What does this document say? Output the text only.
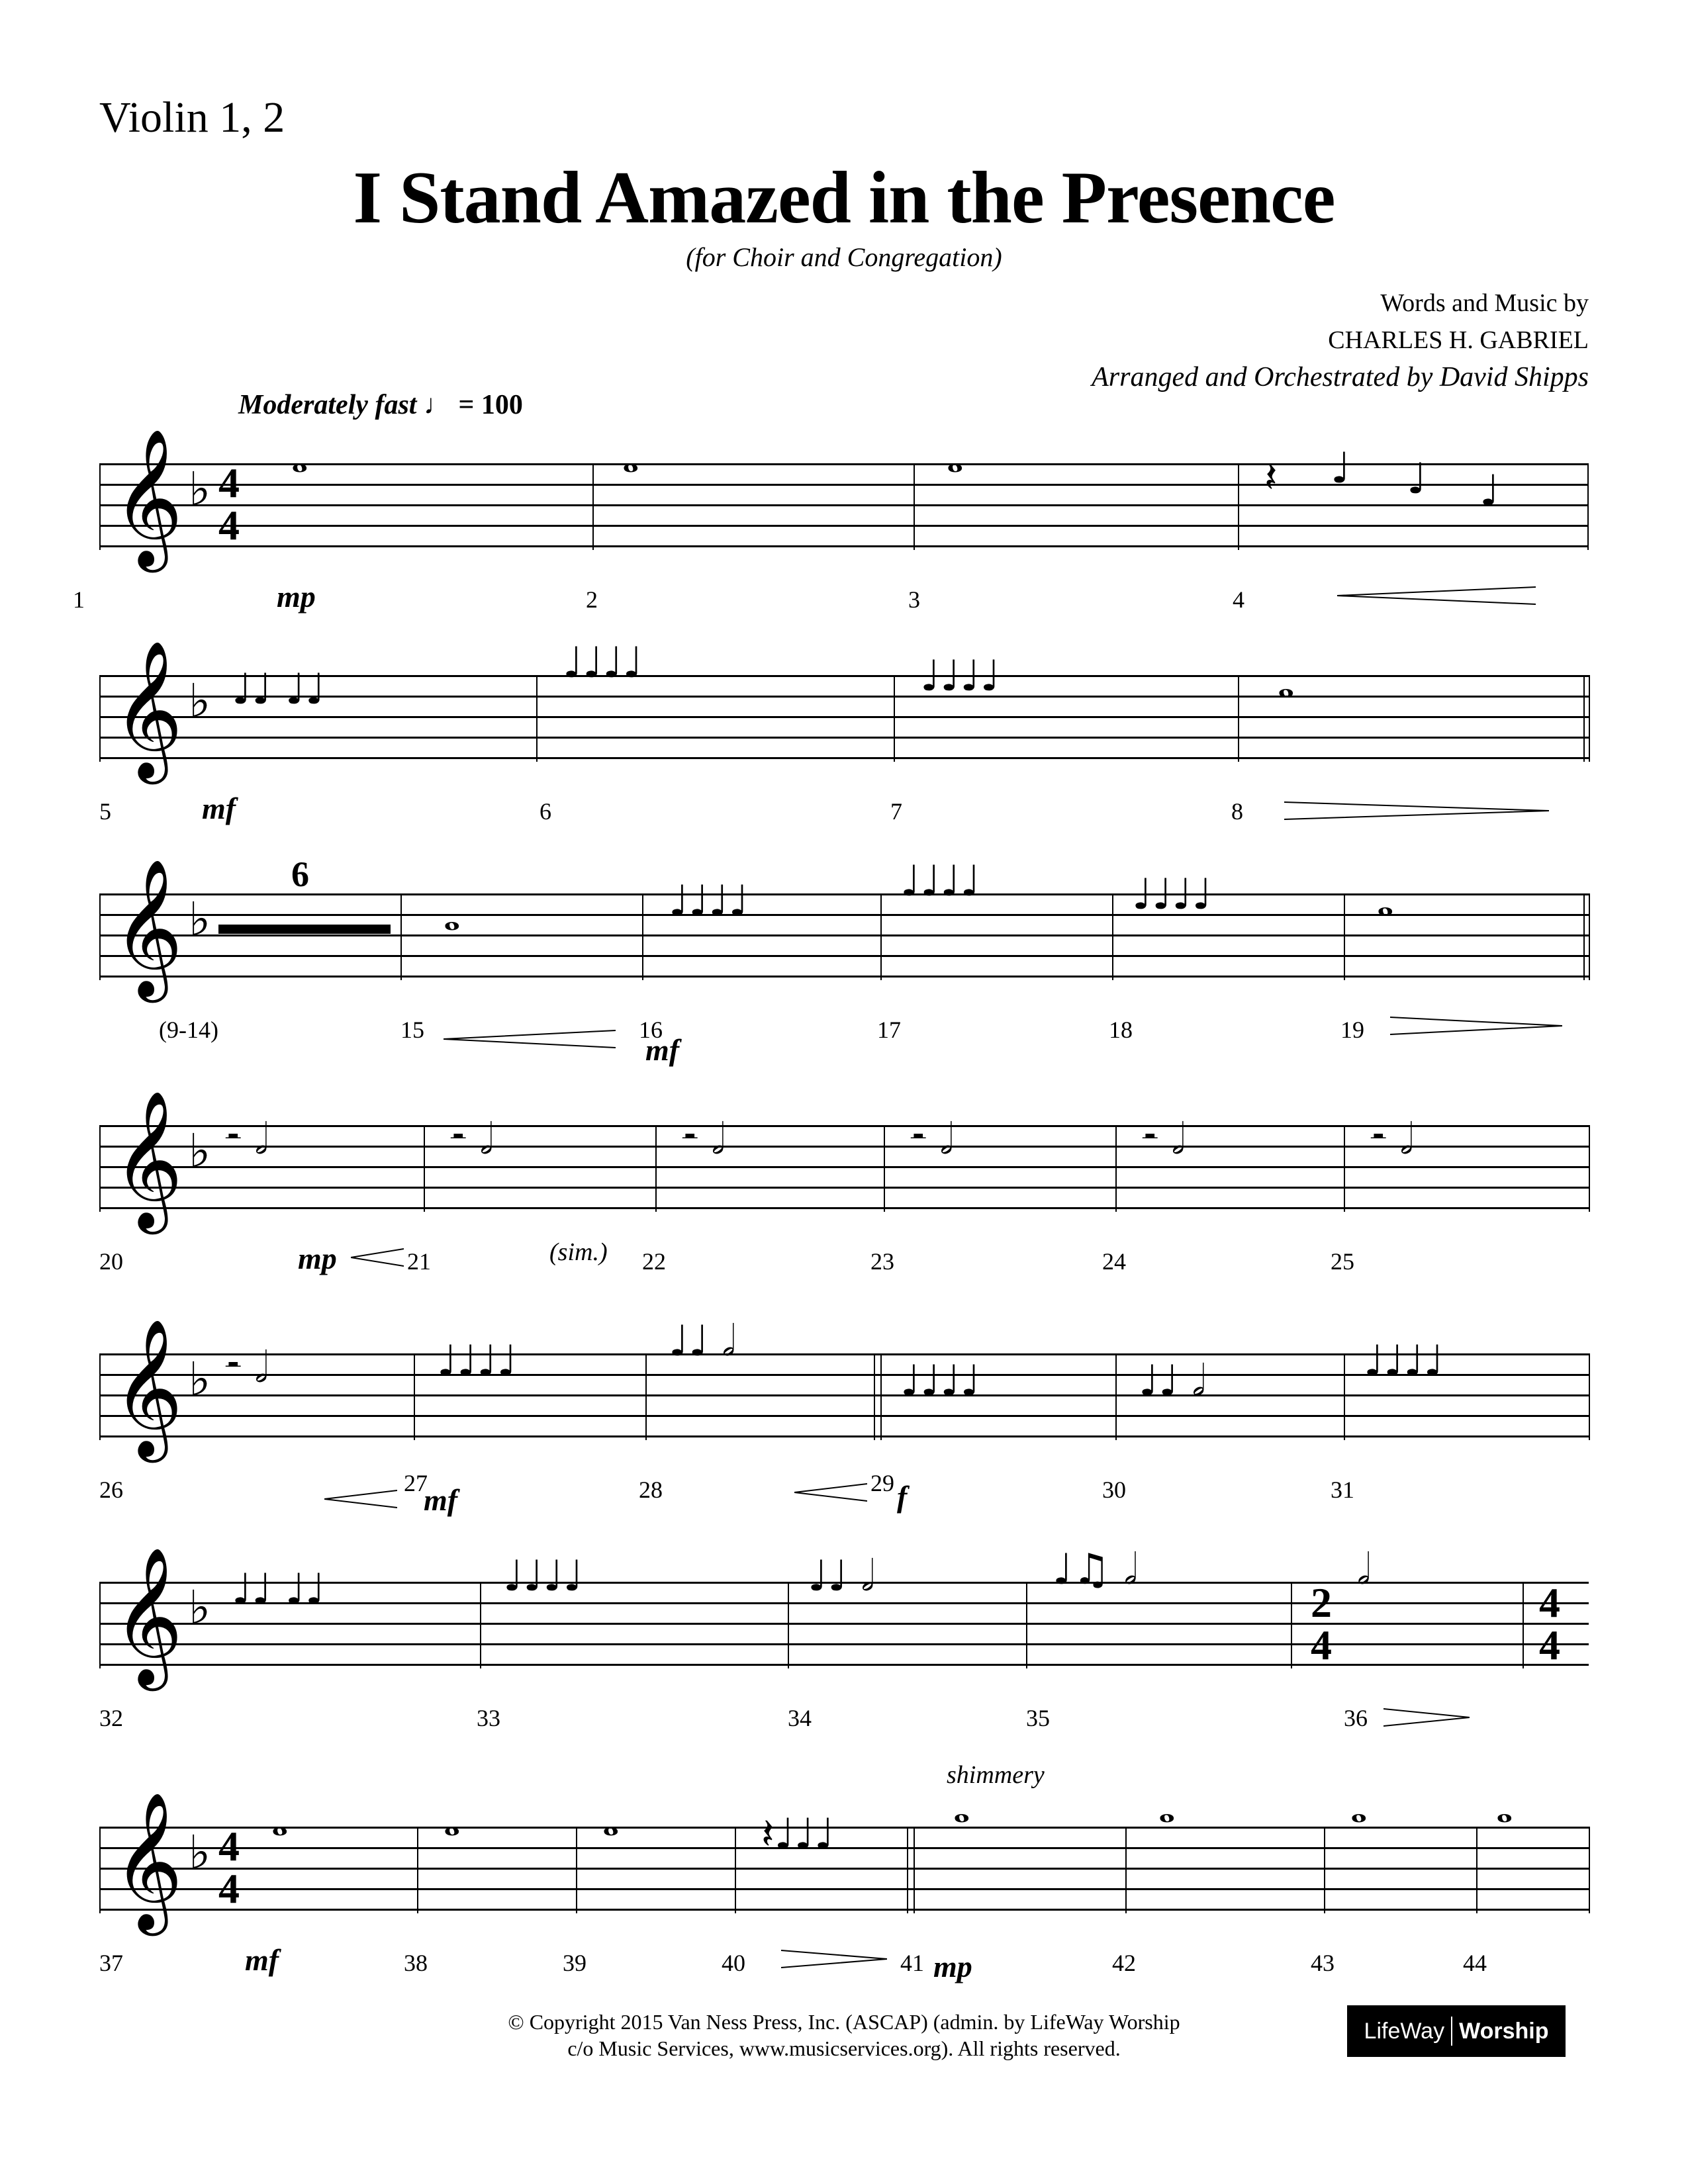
Violin 1, 2
I Stand Amazed in the Presence
(for Choir and Congregation)
Words and Music by
CHARLES H. GABRIEL
Arranged and Orchestrated by David Shipps
Moderately fast ♩ = 100
𝄞 ♭ 4
4
𝅝	𝅝	𝅝	𝄽 ♩ ♩ ♩
1	2	3	4
mp
𝄞 ♭ ♩♩ ♩♩
♩♩♩♩	♩♩♩♩	𝅝
5	6	7	8
mf
𝄞 ♭
6
𝅝	♩♩♩♩	♩♩♩♩	♩♩♩♩	𝅝
(9-14)	15	16	17	18	19
mf
𝄞 ♭ 𝄼 𝅗𝅥	𝄼 𝅗𝅥	𝄼 𝅗𝅥	𝄼 𝅗𝅥	𝄼 𝅗𝅥	𝄼 𝅗𝅥
20	21	22	23	24	25
mp	(sim.)
𝄞 ♭ 𝄼 𝅗𝅥	♩♩♩♩	♩♩ 𝅗𝅥
♩♩♩♩	♩♩ 𝅗𝅥	♩♩♩♩
26	27	28	29	30	31
mf	f
𝄞 ♭ ♩♩ ♩♩	♩♩♩♩	♩♩ 𝅗𝅥	♩♫ 𝅗𝅥
2
4
𝅗𝅥
4
4
32	33	34	35	36
shimmery
𝄞 ♭ 4
4
𝅝	𝅝	𝅝	𝄽♩♩♩
𝅝	𝅝	𝅝	𝅝
37	38	39	40	41	42	43	44
mf	mp
© Copyright 2015 Van Ness Press, Inc. (ASCAP) (admin. by LifeWay Worship
c/o Music Services, www.musicservices.org). All rights reserved.
LifeWay Worship
